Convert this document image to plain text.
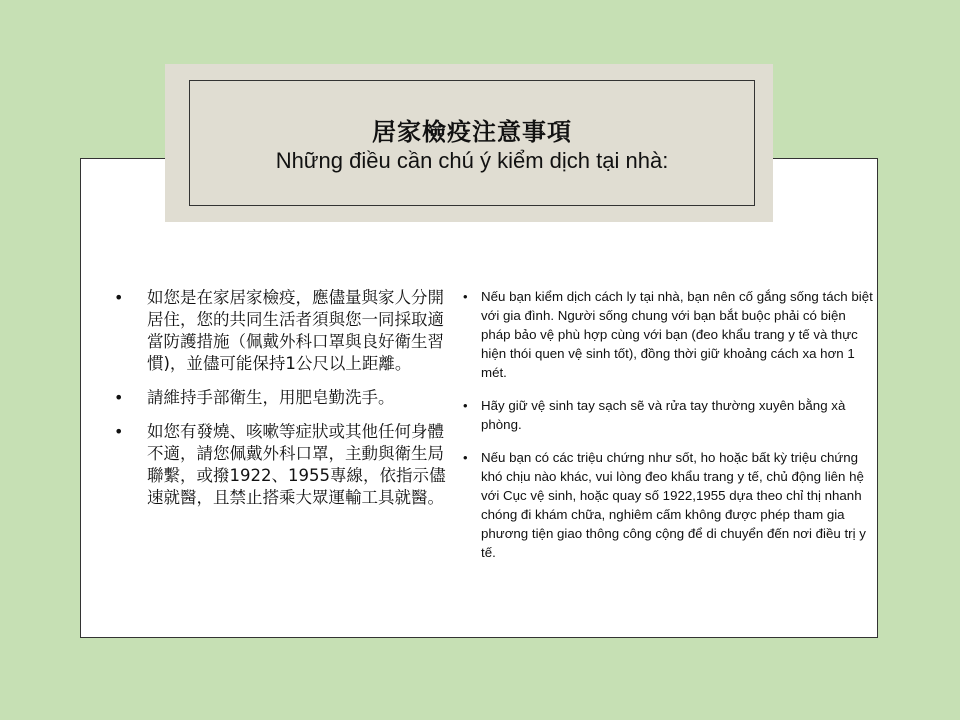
居家檢疫注意事項
Những điều cần chú ý kiểm dịch tại nhà:
• 如您是在家居家檢疫，應儘量與家人分開居住，您的共同生活者須與您一同採取適當防護措施（佩戴外科口罩與良好衛生習慣)，並儘可能保持1公尺以上距離。
• 請維持手部衛生，用肥皂勤洗手。
• 如您有發燒、咳嗽等症狀或其他任何身體不適，請您佩戴外科口罩，主動與衛生局聯繫，或撥1922、1955專線，依指示儘速就醫，且禁止搭乘大眾運輸工具就醫。
• Nếu bạn kiểm dịch cách ly tại nhà, bạn nên cố gắng sống tách biệt với gia đình. Người sống chung với bạn bắt buộc phải có biện pháp bảo vệ phù hợp cùng với bạn (đeo khẩu trang y tế và thực hiện thói quen vệ sinh tốt), đồng thời giữ khoảng cách xa hơn 1 mét.
• Hãy giữ vệ sinh tay sạch sẽ và rửa tay thường xuyên bằng xà phòng.
• Nếu bạn có các triệu chứng như sốt, ho hoặc bất kỳ triệu chứng khó chịu nào khác, vui lòng đeo khẩu trang y tế, chủ động liên hệ với Cục vệ sinh, hoặc quay số 1922,1955 dựa theo chỉ thị nhanh chóng đi khám chữa, nghiêm cấm không được phép tham gia phương tiện giao thông công cộng để di chuyển đến nơi điều trị y tế.
